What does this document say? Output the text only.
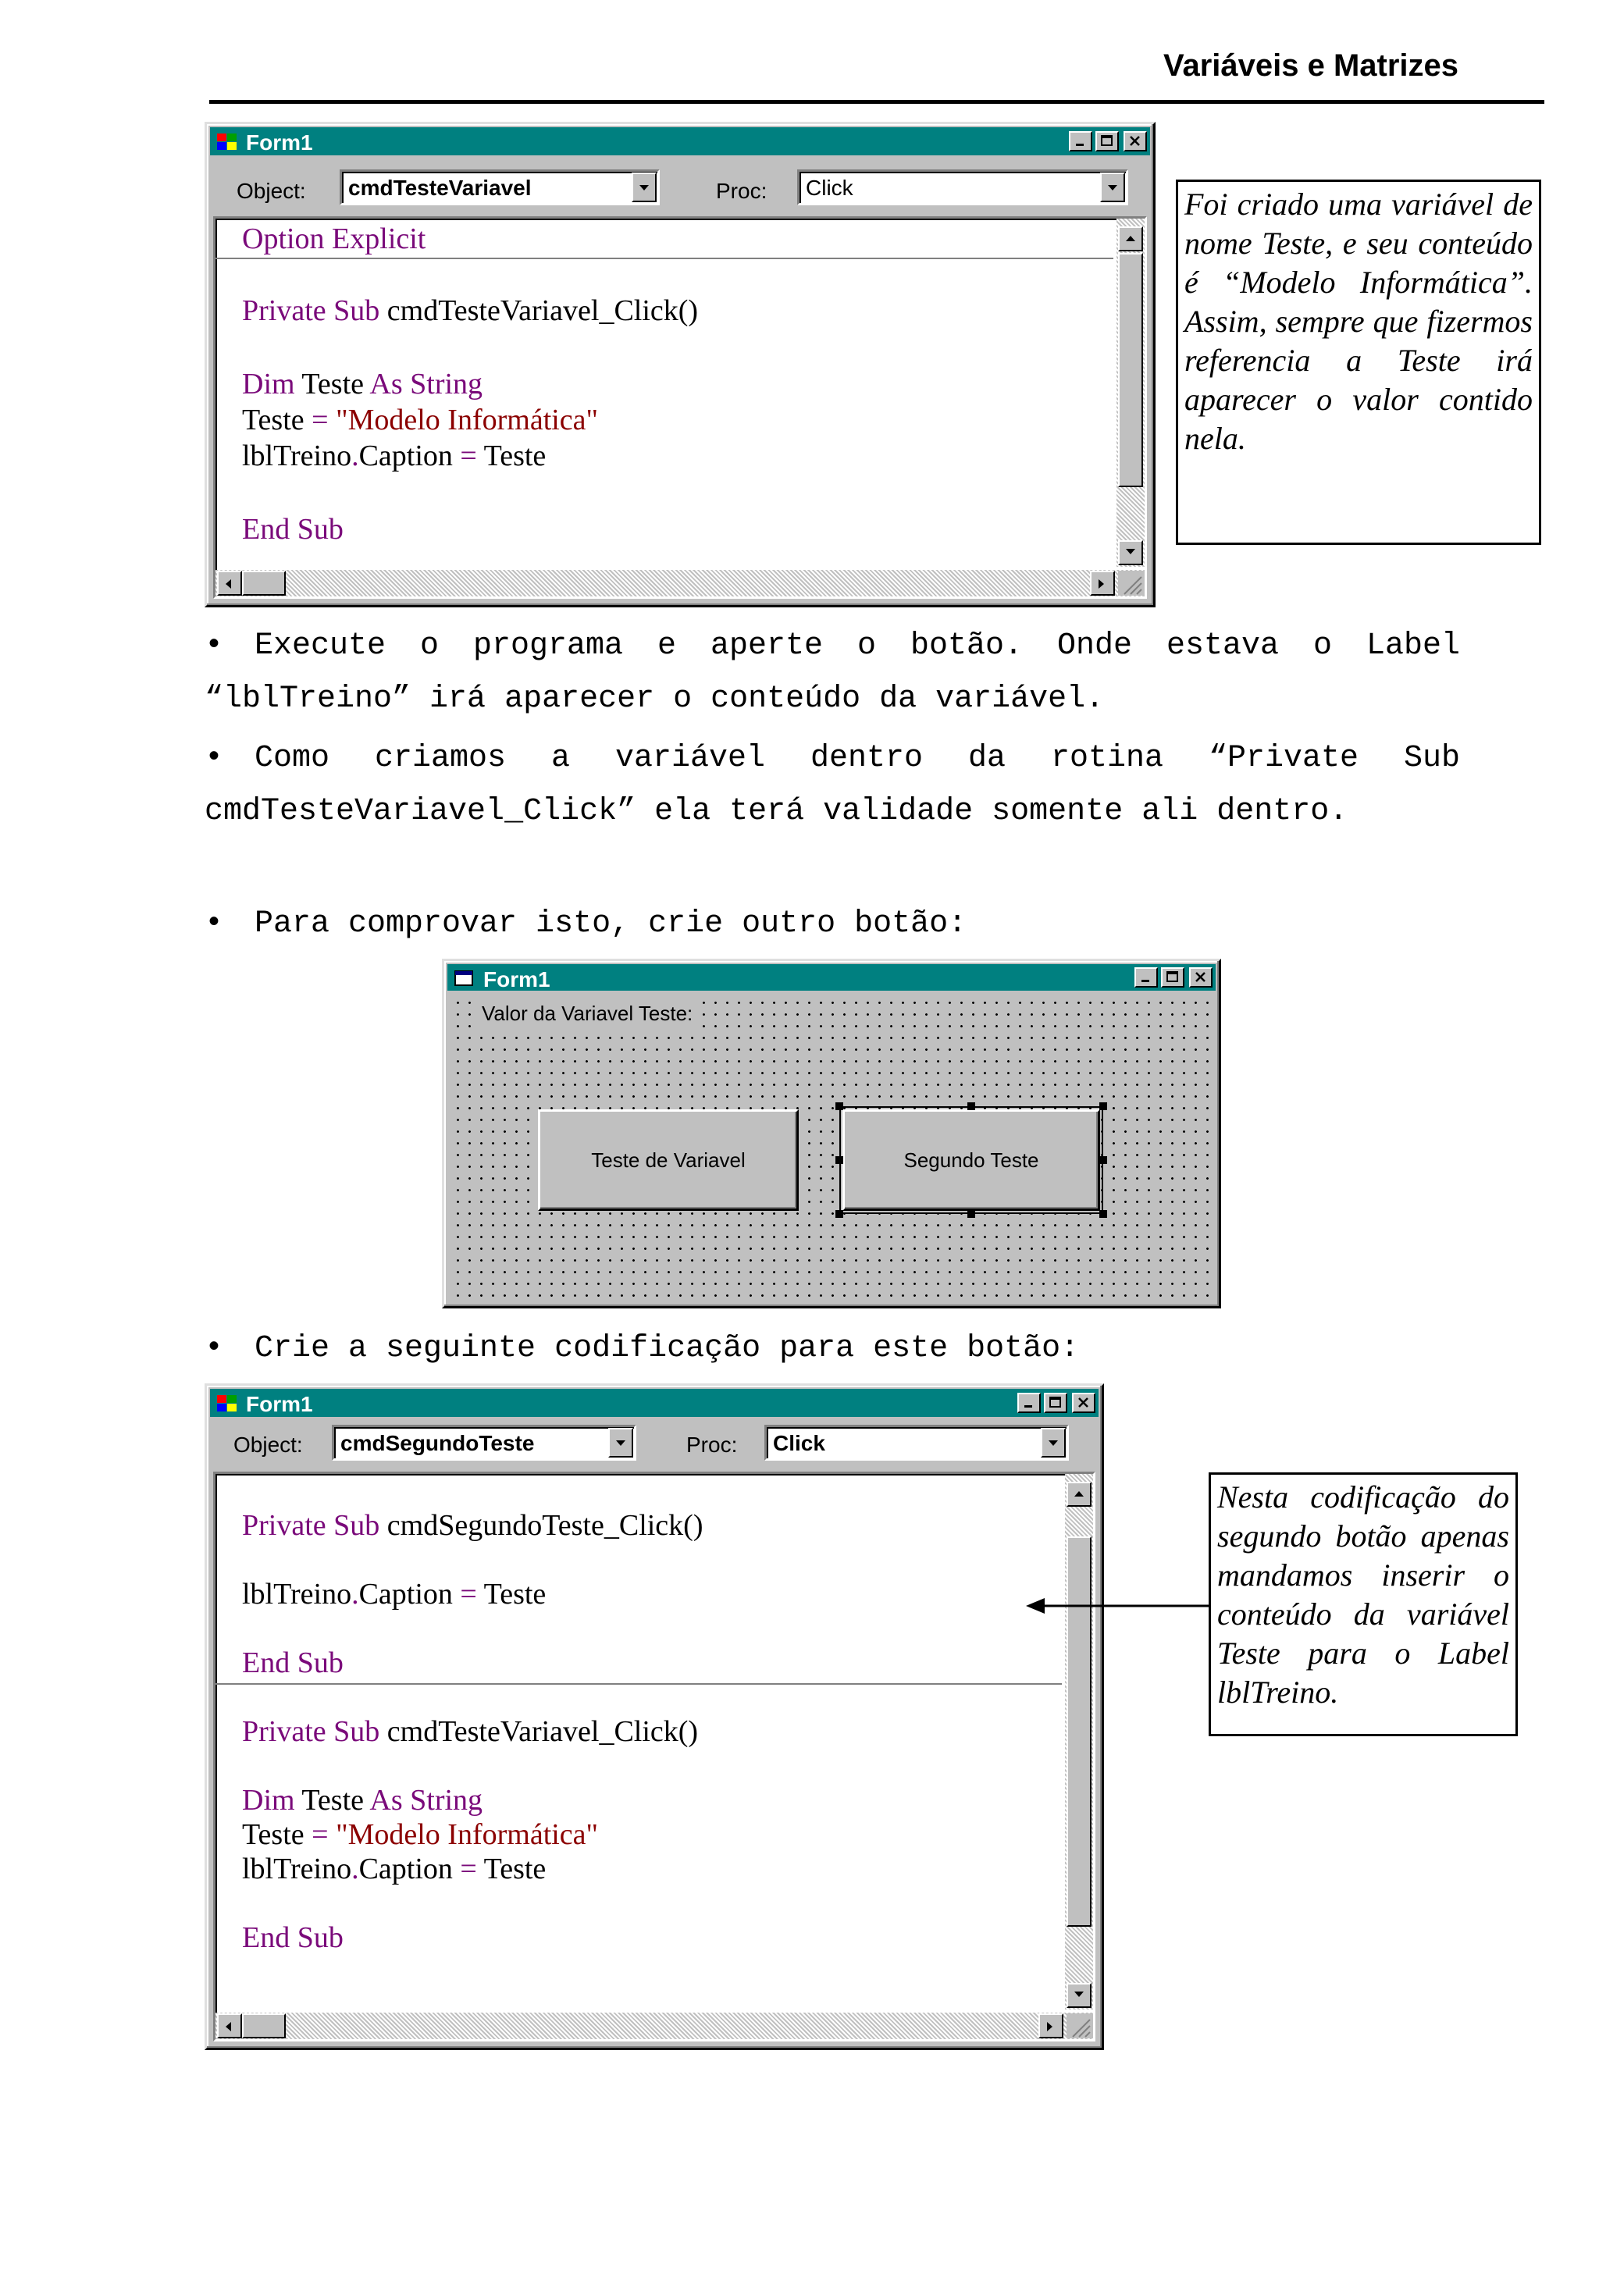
Variáveis e Matrizes
Form1
Object: cmdTesteVariavel	Proc: Click
Option Explicit
Private Sub cmdTesteVariavel_Click()
Dim Teste As String
Teste = "Modelo Informática"
lblTreino.Caption = Teste
End Sub
Foi criado uma variável de nome Teste, e seu conteúdo é “Modelo Informática”. Assim, sempre que fizermos referencia a Teste irá aparecer o valor contido nela.
• Execute o programa e aperte o botão. Onde estava o Label “lblTreino” irá aparecer o conteúdo da variável.
• Como criamos a variável dentro da rotina “Private Sub cmdTesteVariavel_Click” ela terá validade somente ali dentro.
• Para comprovar isto, crie outro botão:
Form1
Valor da Variavel Teste:
Teste de Variavel	Segundo Teste
• Crie a seguinte codificação para este botão:
Form1
Object: cmdSegundoTeste	Proc: Click
Private Sub cmdSegundoTeste_Click()
lblTreino.Caption = Teste
End Sub
Private Sub cmdTesteVariavel_Click()
Dim Teste As String
Teste = "Modelo Informática"
lblTreino.Caption = Teste
End Sub
Nesta codificação do segundo botão apenas mandamos inserir o conteúdo da variável Teste para o Label lblTreino.
